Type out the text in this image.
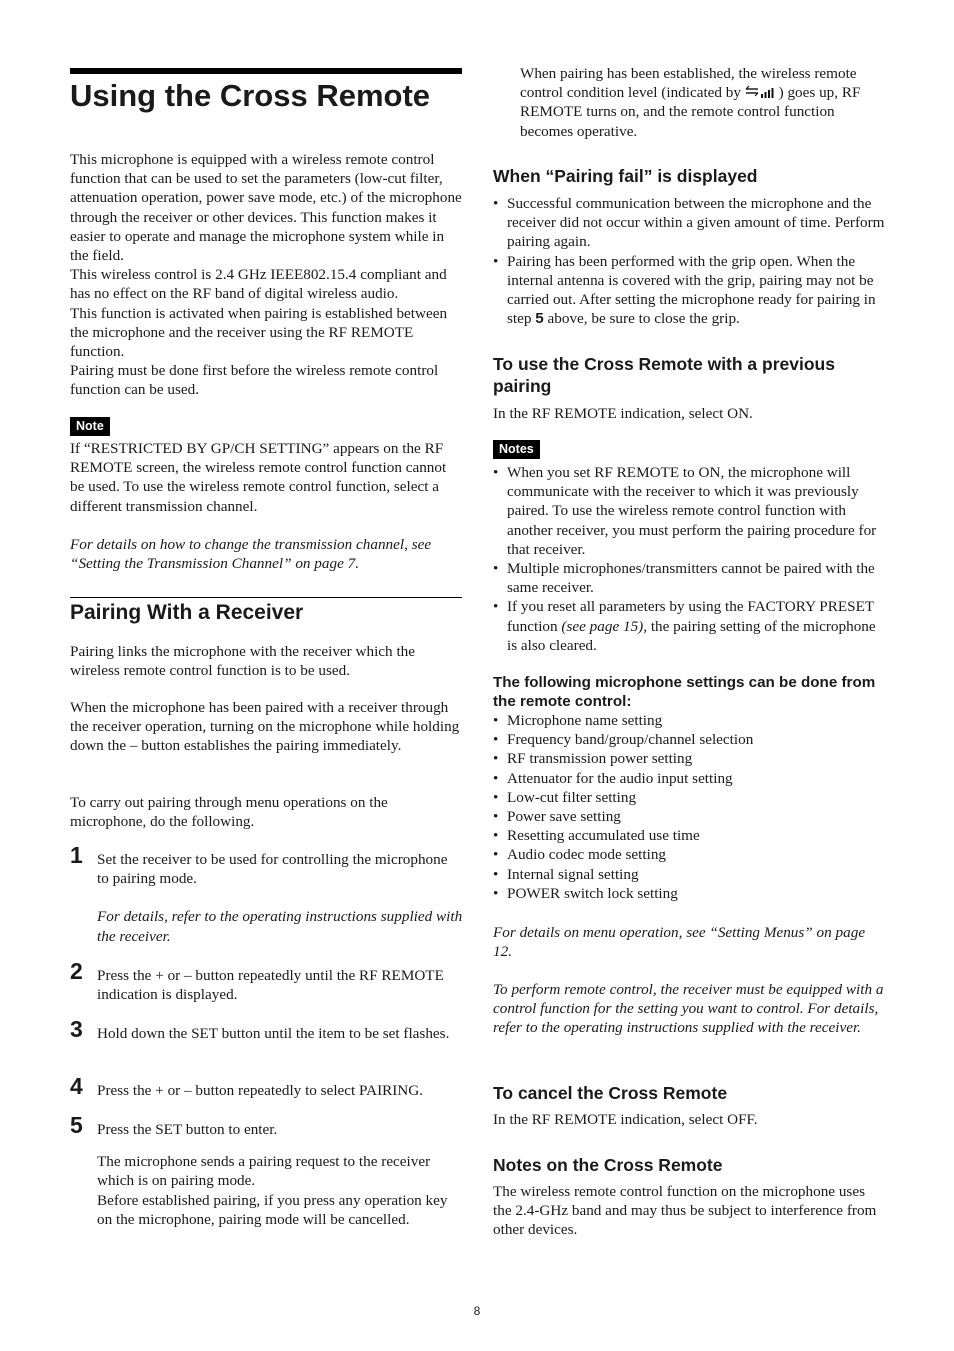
Using the Cross Remote

This microphone is equipped with a wireless remote control function that can be used to set the parameters (low-cut filter, attenuation operation, power save mode, etc.) of the microphone through the receiver or other devices. This function makes it easier to operate and manage the microphone system while in the field.

This wireless control is 2.4 GHz IEEE802.15.4 compliant and has no effect on the RF band of digital wireless audio.

This function is activated when pairing is established between the microphone and the receiver using the RF REMOTE function.

Pairing must be done first before the wireless remote control function can be used.

Note

If “RESTRICTED BY GP/CH SETTING” appears on the RF REMOTE screen, the wireless remote control function cannot be used. To use the wireless remote control function, select a different transmission channel.

For details on how to change the transmission channel, see “Setting the Transmission Channel” on page 7.

Pairing With a Receiver

Pairing links the microphone with the receiver which the wireless remote control function is to be used.

When the microphone has been paired with a receiver through the receiver operation, turning on the microphone while holding down the – button establishes the pairing immediately.

To carry out pairing through menu operations on the microphone, do the following.

1 Set the receiver to be used for controlling the microphone to pairing mode.

For details, refer to the operating instructions supplied with the receiver.

2 Press the + or – button repeatedly until the RF REMOTE indication is displayed.

3 Hold down the SET button until the item to be set flashes.

4 Press the + or – button repeatedly to select PAIRING.

5 Press the SET button to enter.

The microphone sends a pairing request to the receiver which is on pairing mode.

Before established pairing, if you press any operation key on the microphone, pairing mode will be cancelled.

When pairing has been established, the wireless remote control condition level (indicated by ) goes up, RF REMOTE turns on, and the remote control function becomes operative.
When “Pairing fail” is displayed
• Successful communication between the microphone and the receiver did not occur within a given amount of time. Perform pairing again.
• Pairing has been performed with the grip open. When the internal antenna is covered with the grip, pairing may not be carried out. After setting the microphone ready for pairing in step 5 above, be sure to close the grip.
To use the Cross Remote with a previous pairing

In the RF REMOTE indication, select ON.

Notes
• When you set RF REMOTE to ON, the microphone will communicate with the receiver to which it was previously paired. To use the wireless remote control function with another receiver, you must perform the pairing procedure for that receiver.
• Multiple microphones/transmitters cannot be paired with the same receiver.
• If you reset all parameters by using the FACTORY PRESET function (see page 15), the pairing setting of the microphone is also cleared.
The following microphone settings can be done from the remote control:
• Microphone name setting
• Frequency band/group/channel selection
• RF transmission power setting
• Attenuator for the audio input setting
• Low-cut filter setting
• Power save setting
• Resetting accumulated use time
• Audio codec mode setting
• Internal signal setting
• POWER switch lock setting

For details on menu operation, see “Setting Menus” on page 12.

To perform remote control, the receiver must be equipped with a control function for the setting you want to control. For details, refer to the operating instructions supplied with the receiver.

To cancel the Cross Remote

In the RF REMOTE indication, select OFF.

Notes on the Cross Remote

The wireless remote control function on the microphone uses the 2.4-GHz band and may thus be subject to interference from other devices.

8
